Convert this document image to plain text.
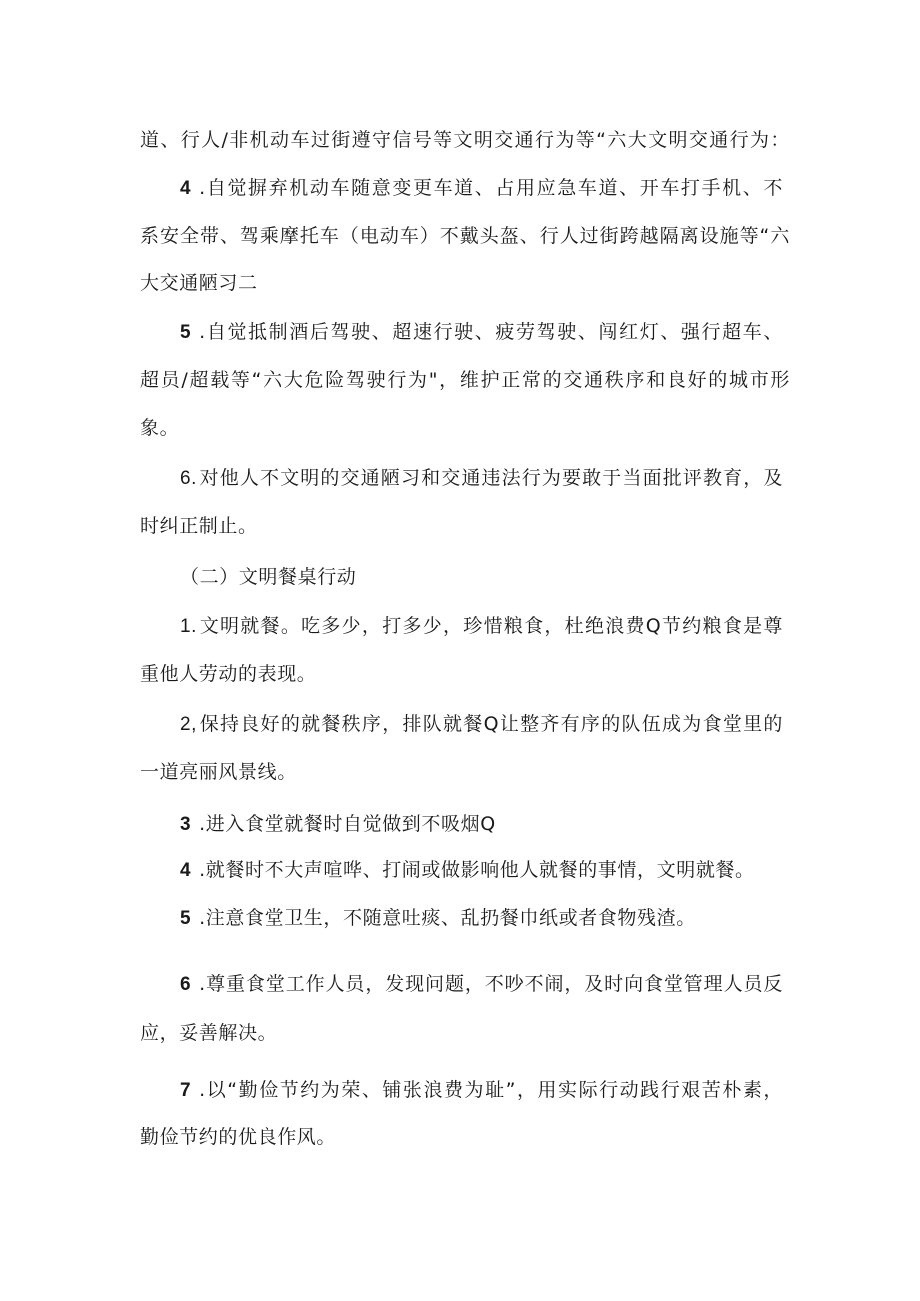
道、行人/非机动车过街遵守信号等文明交通行为等“六大文明交通行为：
4 .自觉摒弃机动车随意变更车道、占用应急车道、开车打手机、不
系安全带、驾乘摩托车（电动车）不戴头盔、行人过街跨越隔离设施等“六
大交通陋习二
5 .自觉抵制酒后驾驶、超速行驶、疲劳驾驶、闯红灯、强行超车、
超员/超载等“六大危险驾驶行为"，维护正常的交通秩序和良好的城市形
象。
6. 对他人不文明的交通陋习和交通违法行为要敢于当面批评教育，及
时纠正制止。
（二）文明餐桌行动
1. 文明就餐。吃多少，打多少，珍惜粮食，杜绝浪费Q节约粮食是尊
重他人劳动的表现。
2, 保持良好的就餐秩序，排队就餐Q让整齐有序的队伍成为食堂里的
一道亮丽风景线。
3 .进入食堂就餐时自觉做到不吸烟Q
4 .就餐时不大声喧哗、打闹或做影响他人就餐的事情，文明就餐。
5 .注意食堂卫生，不随意吐痰、乱扔餐巾纸或者食物残渣。
6 .尊重食堂工作人员，发现问题，不吵不闹，及时向食堂管理人员反
应，妥善解决。
7 .以“勤俭节约为荣、铺张浪费为耻”，用实际行动践行艰苦朴素，
勤俭节约的优良作风。
